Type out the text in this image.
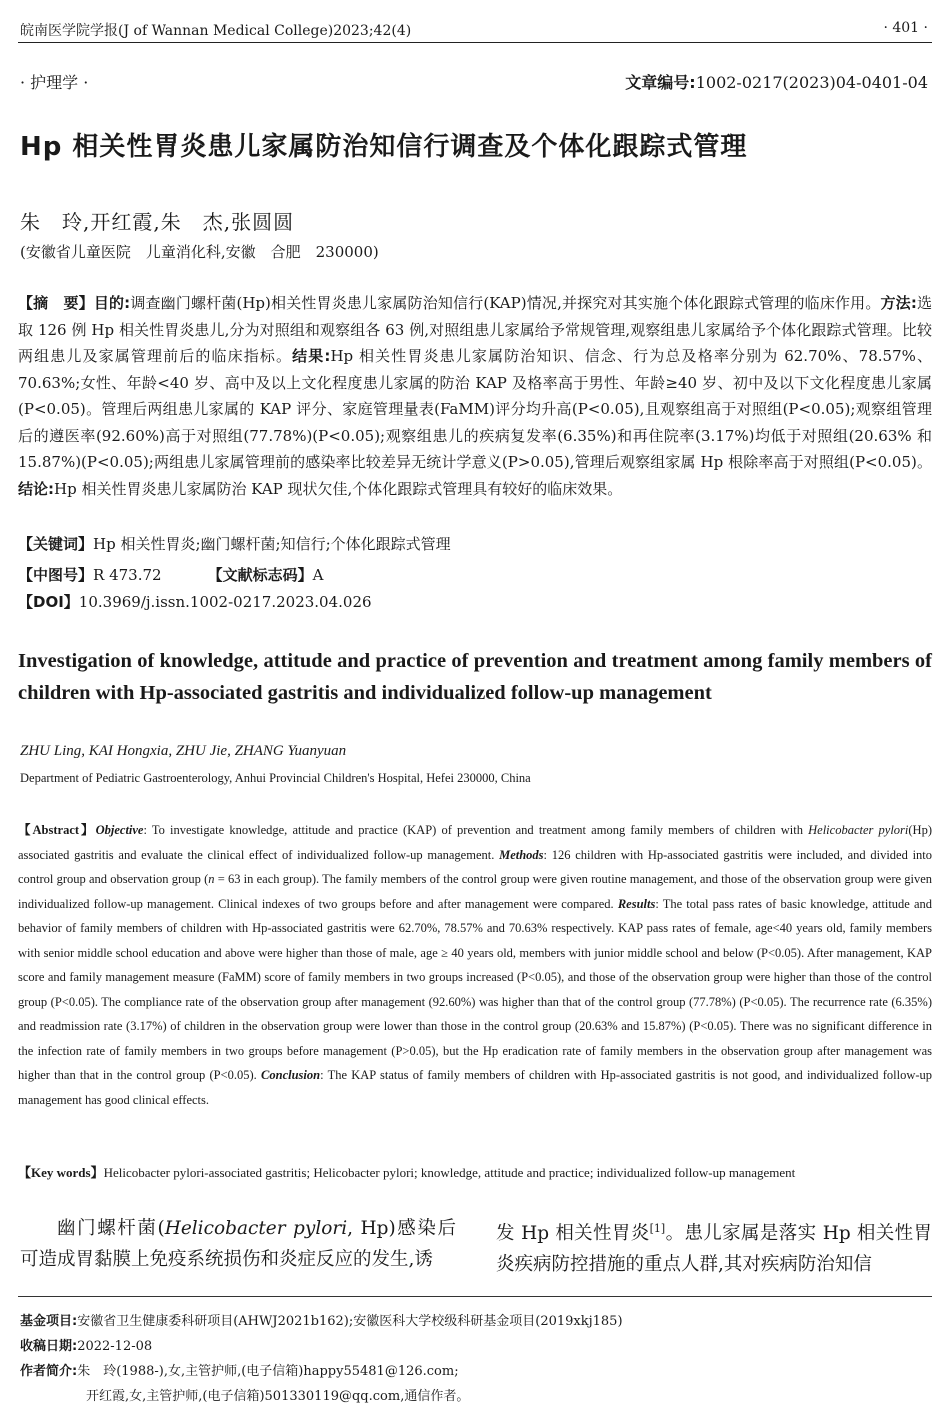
皖南医学院学报(J of Wannan Medical College)2023;42(4)	· 401 ·
· 护理学 ·	文章编号:1002-0217(2023)04-0401-04
Hp 相关性胃炎患儿家属防治知信行调查及个体化跟踪式管理
朱　玲,开红霞,朱　杰,张圆圆
(安徽省儿童医院　儿童消化科,安徽　合肥　230000)
【摘　要】目的:调查幽门螺杆菌(Hp)相关性胃炎患儿家属防治知信行(KAP)情况,并探究对其实施个体化跟踪式管理的临床作用。方法:选取 126 例 Hp 相关性胃炎患儿,分为对照组和观察组各 63 例,对照组患儿家属给予常规管理,观察组患儿家属给予个体化跟踪式管理。比较两组患儿及家属管理前后的临床指标。结果:Hp 相关性胃炎患儿家属防治知识、信念、行为总及格率分别为 62.70%、78.57%、70.63%;女性、年龄<40 岁、高中及以上文化程度患儿家属的防治 KAP 及格率高于男性、年龄≥40 岁、初中及以下文化程度患儿家属(P<0.05)。管理后两组患儿家属的 KAP 评分、家庭管理量表(FaMM)评分均升高(P<0.05),且观察组高于对照组(P<0.05);观察组管理后的遵医率(92.60%)高于对照组(77.78%)(P<0.05);观察组患儿的疾病复发率(6.35%)和再住院率(3.17%)均低于对照组(20.63% 和 15.87%)(P<0.05);两组患儿家属管理前的感染率比较差异无统计学意义(P>0.05),管理后观察组家属 Hp 根除率高于对照组(P<0.05)。结论:Hp 相关性胃炎患儿家属防治 KAP 现状欠佳,个体化跟踪式管理具有较好的临床效果。
【关键词】Hp 相关性胃炎;幽门螺杆菌;知信行;个体化跟踪式管理
【中图号】R 473.72	【文献标志码】A
【DOI】10.3969/j.issn.1002-0217.2023.04.026
Investigation of knowledge, attitude and practice of prevention and treatment among family members of children with Hp-associated gastritis and individualized follow-up management
ZHU Ling, KAI Hongxia, ZHU Jie, ZHANG Yuanyuan
Department of Pediatric Gastroenterology, Anhui Provincial Children's Hospital, Hefei 230000, China
【Abstract】Objective: To investigate knowledge, attitude and practice (KAP) of prevention and treatment among family members of children with Helicobacter pylori(Hp) associated gastritis and evaluate the clinical effect of individualized follow-up management. Methods: 126 children with Hp-associated gastritis were included, and divided into control group and observation group (n = 63 in each group). The family members of the control group were given routine management, and those of the observation group were given individualized follow-up management. Clinical indexes of two groups before and after management were compared. Results: The total pass rates of basic knowledge, attitude and behavior of family members of children with Hp-associated gastritis were 62.70%, 78.57% and 70.63% respectively. KAP pass rates of female, age<40 years old, family members with senior middle school education and above were higher than those of male, age ≥ 40 years old, members with junior middle school and below (P<0.05). After management, KAP score and family management measure (FaMM) score of family members in two groups increased (P<0.05), and those of the observation group were higher than those of the control group (P<0.05). The compliance rate of the observation group after management (92.60%) was higher than that of the control group (77.78%) (P<0.05). The recurrence rate (6.35%) and readmission rate (3.17%) of children in the observation group were lower than those in the control group (20.63% and 15.87%) (P<0.05). There was no significant difference in the infection rate of family members in two groups before management (P>0.05), but the Hp eradication rate of family members in the observation group after management was higher than that in the control group (P<0.05). Conclusion: The KAP status of family members of children with Hp-associated gastritis is not good, and individualized follow-up management has good clinical effects.
【Key words】Helicobacter pylori-associated gastritis; Helicobacter pylori; knowledge, attitude and practice; individualized follow-up management
幽门螺杆菌(Helicobacter pylori, Hp)感染后可造成胃黏膜上免疫系统损伤和炎症反应的发生,诱
发 Hp 相关性胃炎[1]。患儿家属是落实 Hp 相关性胃炎疾病防控措施的重点人群,其对疾病防治知信
基金项目:安徽省卫生健康委科研项目(AHWJ2021b162);安徽医科大学校级科研基金项目(2019xkj185)
收稿日期:2022-12-08
作者简介:朱　玲(1988-),女,主管护师,(电子信箱)happy55481@126.com;
开红霞,女,主管护师,(电子信箱)501330119@qq.com,通信作者。
